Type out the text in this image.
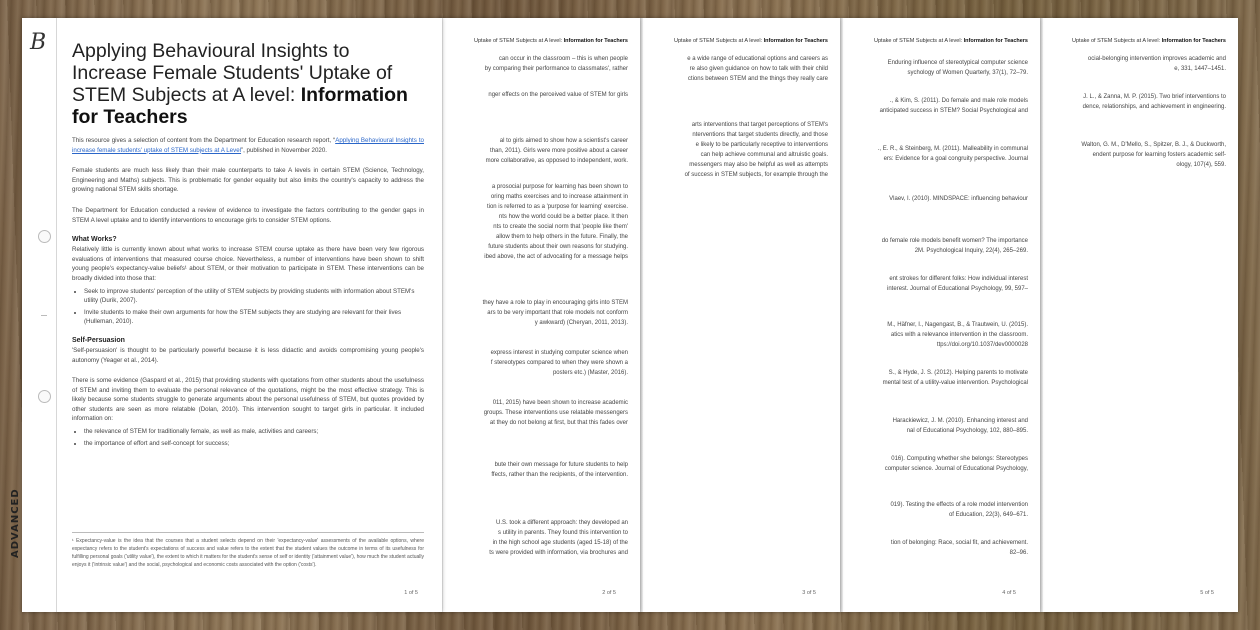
Uptake of STEM Subjects at A level: Information for Teachers
ocial-belonging intervention improves academic and
e, 331, 1447–1451.
J. L., & Zanna, M. P. (2015). Two brief interventions to
dence, relationships, and achievement in engineering.
Walton, G. M., D'Mello, S., Spitzer, B. J., & Duckworth,
endent purpose for learning fosters academic self-
ology, 107(4), 559.
5 of 5
Uptake of STEM Subjects at A level: Information for Teachers
Enduring influence of stereotypical computer science
sychology of Women Quarterly, 37(1), 72–79.
., & Kim, S. (2011). Do female and male role models
anticipated success in STEM? Social Psychological and
., E. R., & Steinberg, M. (2011). Malleability in communal
ers: Evidence for a goal congruity perspective. Journal
Vlaev, I. (2010). MINDSPACE: influencing behaviour
do female role models benefit women? The importance
2M. Psychological Inquiry, 22(4), 265–269.
ent strokes for different folks: How individual interest
interest. Journal of Educational Psychology, 99, 597–
M., Häfner, I., Nagengast, B., & Trautwein, U. (2015).
atics with a relevance intervention in the classroom.
ttps://doi.org/10.1037/dev0000028
S., & Hyde, J. S. (2012). Helping parents to motivate
mental test of a utility-value intervention. Psychological
Harackiewicz, J. M. (2010). Enhancing interest and
nal of Educational Psychology, 102, 880–895.
016). Computing whether she belongs: Stereotypes
computer science. Journal of Educational Psychology,
019). Testing the effects of a role model intervention
of Education, 22(3), 649–671.
tion of belonging: Race, social fit, and achievement.
82–96.
4 of 5
Uptake of STEM Subjects at A level: Information for Teachers
e a wide range of educational options and careers as
re also given guidance on how to talk with their child
ctions between STEM and the things they really care
arts interventions that target perceptions of STEM's
nterventions that target students directly, and those
e likely to be particularly receptive to interventions
can help achieve communal and altruistic goals.
messengers may also be helpful as well as attempts
of success in STEM subjects, for example through the
3 of 5
Uptake of STEM Subjects at A level: Information for Teachers
can occur in the classroom – this is when people
by comparing their performance to classmates', rather
nger effects on the perceived value of STEM for girls
al to girls aimed to show how a scientist's career
than, 2011). Girls were more positive about a career
more collaborative, as opposed to independent, work.
a prosocial purpose for learning has been shown to
oring maths exercises and to increase attainment in
tion is referred to as a 'purpose for learning' exercise.
nts how the world could be a better place. It then
nts to create the social norm that 'people like them'
allow them to help others in the future. Finally, the
future students about their own reasons for studying.
ibed above, the act of advocating for a message helps
they have a role to play in encouraging girls into STEM
ars to be very important that role models not conform
y awkward) (Cheryan, 2011, 2013).
express interest in studying computer science when
f stereotypes compared to when they were shown a
posters etc.) (Master, 2016).
011, 2015) have been shown to increase academic
groups. These interventions use relatable messengers
at they do not belong at first, but that this fades over
bute their own message for future students to help
ffects, rather than the recipients, of the intervention.
U.S. took a different approach: they developed an
s utility in parents. They found this intervention to
in the high school age students (aged 15-18) of the
ts were provided with information, via brochures and
2 of 5
B
ADVANCED
Applying Behavioural Insights to Increase Female Students' Uptake of STEM Subjects at A level: Information for Teachers

This resource gives a selection of content from the Department for Education research report, “Applying Behavioural Insights to increase female students' uptake of STEM subjects at A Level”, published in November 2020.

Female students are much less likely than their male counterparts to take A levels in certain STEM (Science, Technology, Engineering and Maths) subjects. This is problematic for gender equality but also limits the country's capacity to address the growing national STEM skills shortage.

The Department for Education conducted a review of evidence to investigate the factors contributing to the gender gaps in STEM A level uptake and to identify interventions to encourage girls to consider STEM options.

What Works?

Relatively little is currently known about what works to increase STEM course uptake as there have been very few rigorous evaluations of interventions that measured course choice. Nevertheless, a number of interventions have been shown to shift young people's expectancy-value beliefs¹ about STEM, or their motivation to participate in STEM. These interventions can be broadly divided into those that:

• Seek to improve students' perception of the utility of STEM subjects by providing students with information about STEM's utility (Durik, 2007).
• Invite students to make their own arguments for how the STEM subjects they are studying are relevant for their lives (Hulleman, 2010).
Self-Persuasion

'Self-persuasion' is thought to be particularly powerful because it is less didactic and avoids compromising young people's autonomy (Yeager et al., 2014).

There is some evidence (Gaspard et al., 2015) that providing students with quotations from other students about the usefulness of STEM and inviting them to evaluate the personal relevance of the quotations, might be the most effective strategy. This is likely because some students struggle to generate arguments about the personal usefulness of STEM, but quotes provided by other students are seen as more relatable (Dolan, 2010). This intervention sought to target girls in particular. It included information on:

• the relevance of STEM for traditionally female, as well as male, activities and careers;
• the importance of effort and self-concept for success;
¹ Expectancy-value is the idea that the courses that a student selects depend on their 'expectancy-value' assessments of the available options, where expectancy refers to the student's expectations of success and value refers to the extent that the student values the outcome in terms of its usefulness for fulfilling personal goals ('utility value'), the extent to which it matters for the student's sense of self or identity ('attainment value'), how much the student actually enjoys it ('intrinsic value') and the social, psychological and economic costs associated with the option ('costs').
1 of 5
